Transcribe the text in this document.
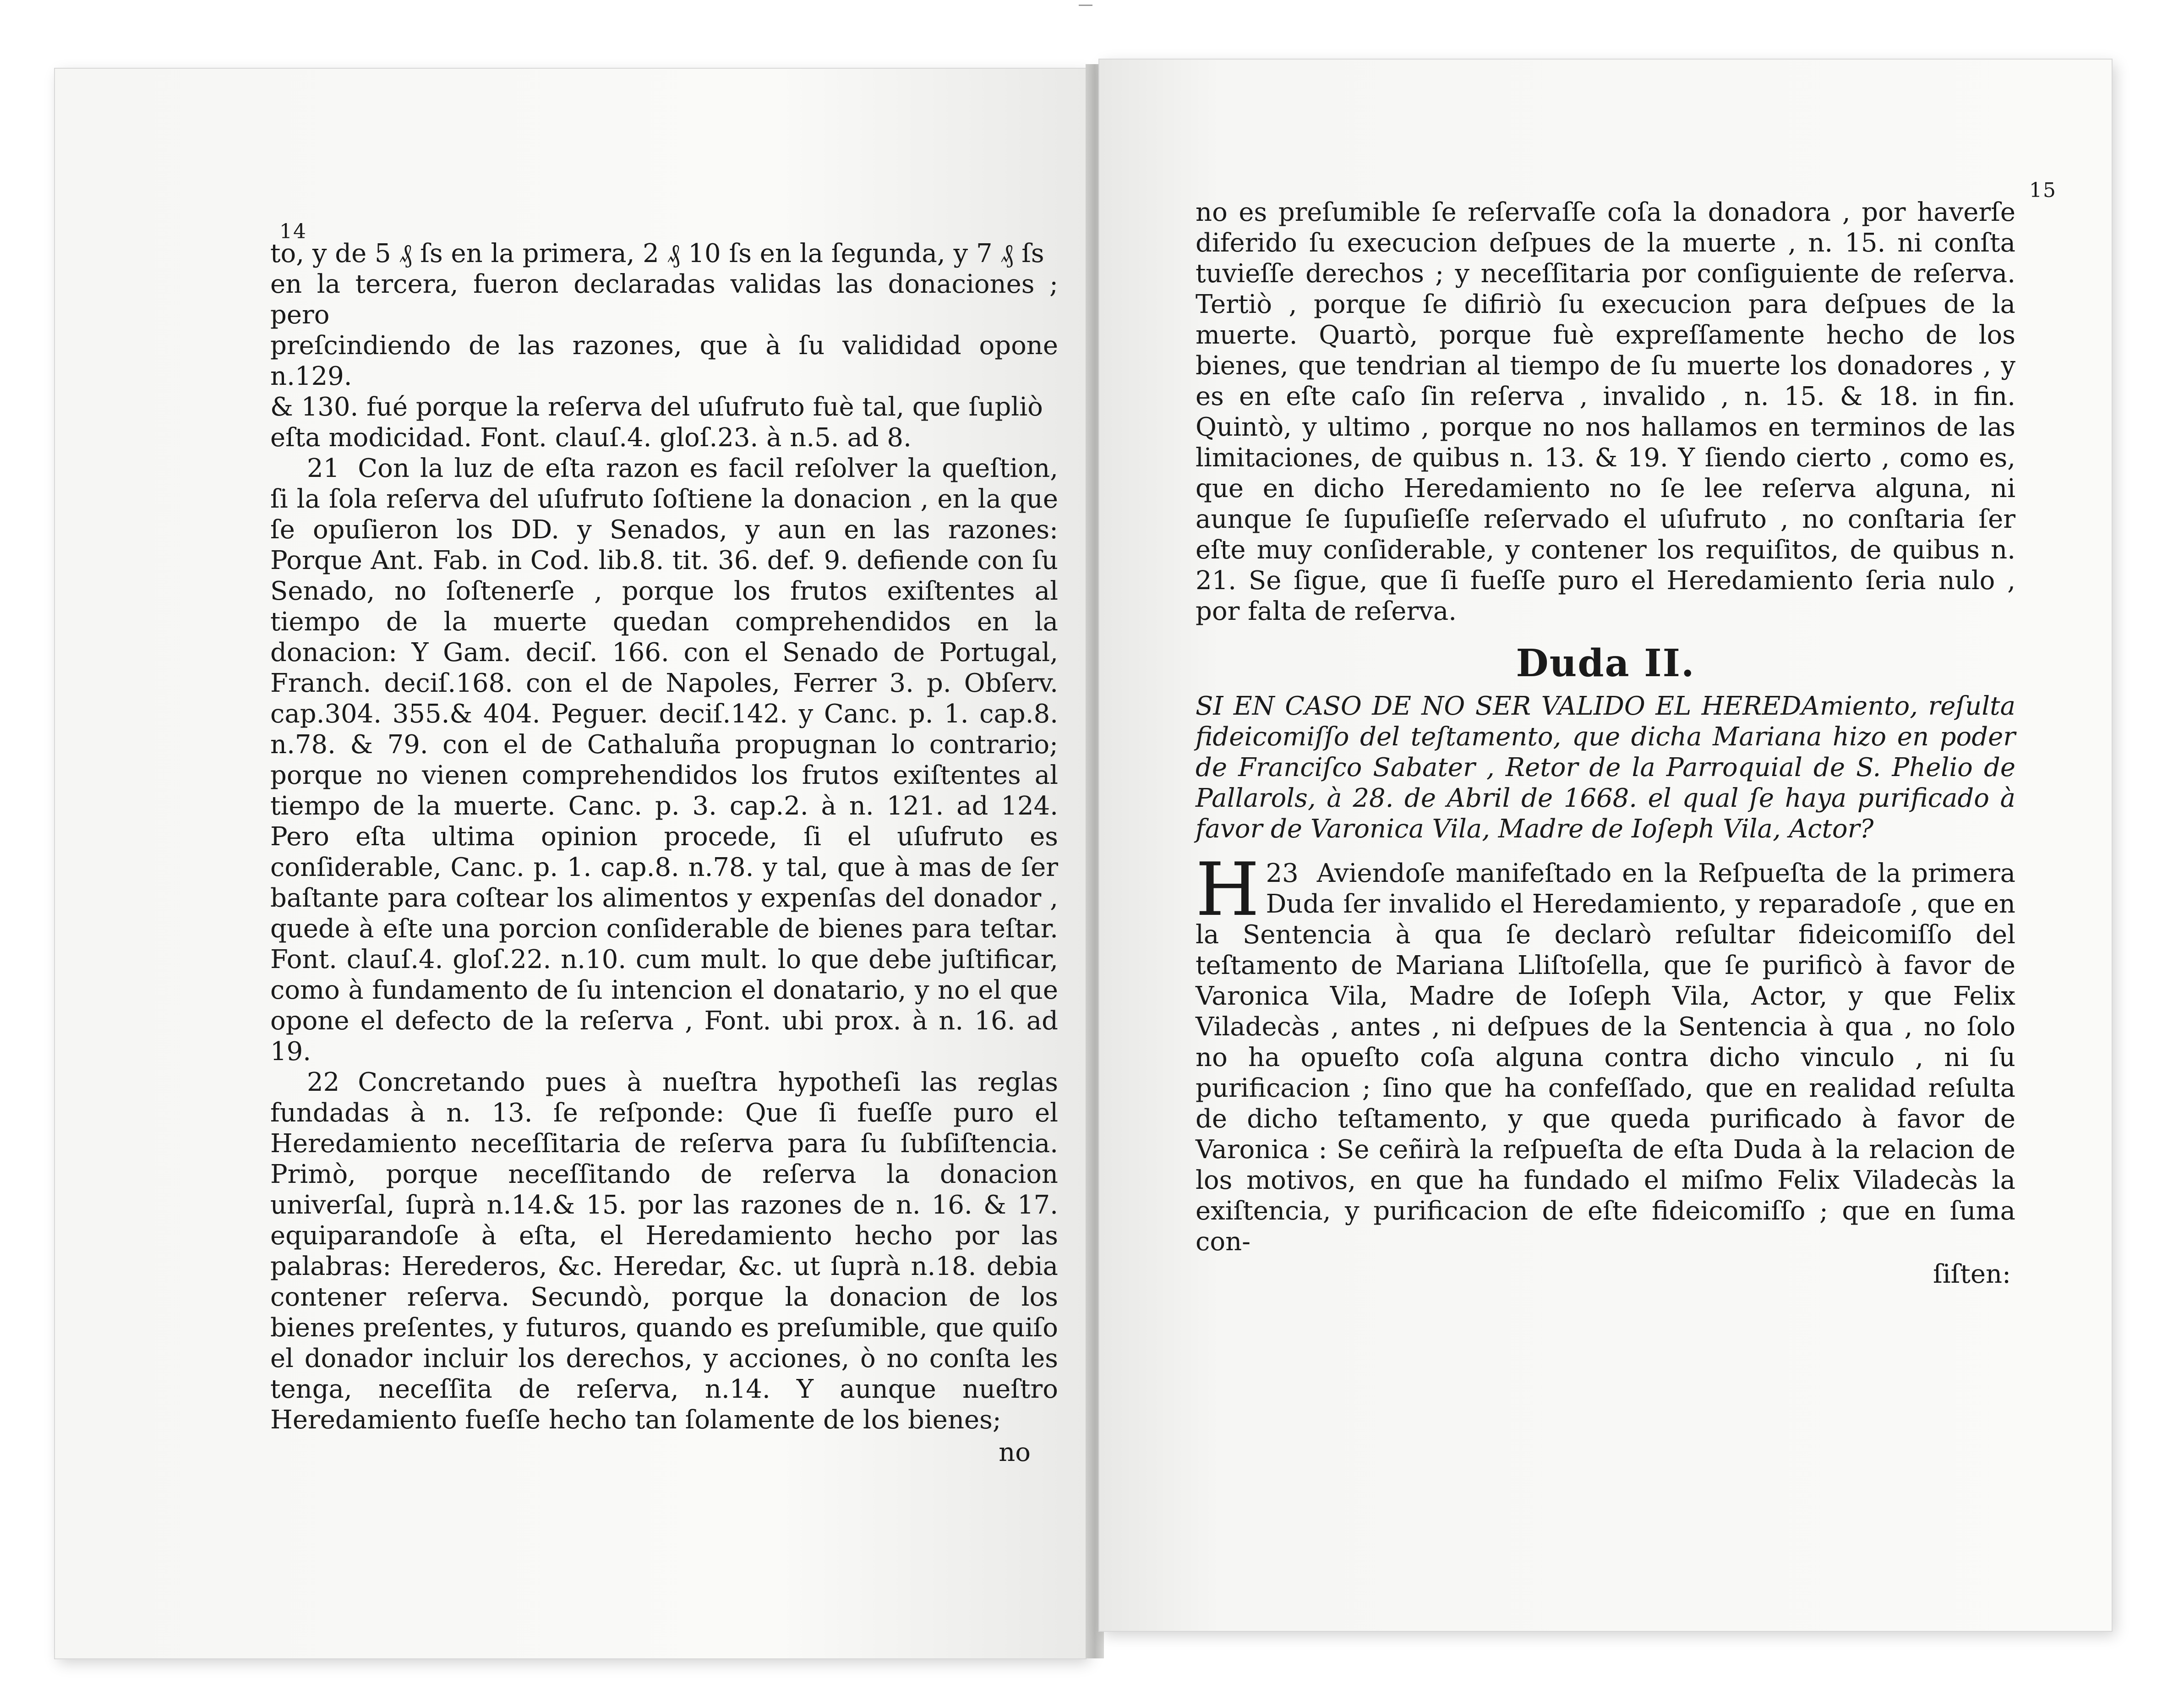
14

to, y de 5 ₰ ſs en la primera, 2 ₰ 10 ſs en la ſegunda, y 7 ₰ ſs

en la tercera, fueron declaradas validas las donaciones ; pero

preſcindiendo de las razones, que à ſu valididad opone n.129.

& 130. fué porque la reſerva del uſufruto fuè tal, que ſupliò

eſta modicidad. Font. clauſ.4. gloſ.23. à n.5. ad 8.

21 Con la luz de eſta razon es facil reſolver la queſtion, ſi la ſola reſerva del uſufruto ſoſtiene la donacion , en la que ſe opuſieron los DD. y Senados, y aun en las razones: Porque Ant. Fab. in Cod. lib.8. tit. 36. def. 9. defiende con ſu Senado, no ſoſtenerſe , porque los frutos exiſtentes al tiempo de la muerte quedan comprehendidos en la donacion: Y Gam. deciſ. 166. con el Senado de Portugal, Franch. deciſ.168. con el de Napoles, Ferrer 3. p. Obſerv. cap.304. 355.& 404. Peguer. deciſ.142. y Canc. p. 1. cap.8. n.78. & 79. con el de Cathaluña propugnan lo contrario; porque no vienen comprehendidos los frutos exiſtentes al tiempo de la muerte. Canc. p. 3. cap.2. à n. 121. ad 124. Pero eſta ultima opinion procede, ſi el uſufruto es conſiderable, Canc. p. 1. cap.8. n.78. y tal, que à mas de ſer baſtante para coſtear los alimentos y expenſas del donador , quede à eſte una porcion conſiderable de bienes para teſtar. Font. clauſ.4. gloſ.22. n.10. cum mult. lo que debe juſtificar, como à fundamento de ſu intencion el donatario, y no el que opone el defecto de la reſerva , Font. ubi prox. à n. 16. ad 19.

22 Concretando pues à nueſtra hypotheſi las reglas fundadas à n. 13. ſe reſponde: Que ſi fueſſe puro el Heredamiento neceſſitaria de reſerva para ſu ſubſiſtencia. Primò, porque neceſſitando de reſerva la donacion univerſal, ſuprà n.14.& 15. por las razones de n. 16. & 17. equiparandoſe à eſta, el Heredamiento hecho por las palabras: Herederos, &c. Heredar, &c. ut ſuprà n.18. debia contener reſerva. Secundò, porque la donacion de los bienes preſentes, y futuros, quando es preſumible, que quiſo el donador incluir los derechos, y acciones, ò no conſta les tenga, neceſſita de reſerva, n.14. Y aunque nueſtro Heredamiento fueſſe hecho tan ſolamente de los bienes;

no

15

no es preſumible ſe reſervaſſe coſa la donadora , por haverſe diferido ſu execucion deſpues de la muerte , n. 15. ni conſta tuvieſſe derechos ; y neceſſitaria por conſiguiente de reſerva. Tertiò , porque ſe difiriò ſu execucion para deſpues de la muerte. Quartò, porque fuè expreſſamente hecho de los bienes, que tendrian al tiempo de ſu muerte los donadores , y es en eſte caſo ſin reſerva , invalido , n. 15. & 18. in fin. Quintò, y ultimo , porque no nos hallamos en terminos de las limitaciones, de quibus n. 13. & 19. Y ſiendo cierto , como es, que en dicho Heredamiento no ſe lee reſerva alguna, ni aunque ſe ſupuſieſſe reſervado el uſufruto , no conſtaria ſer eſte muy conſiderable, y contener los requiſitos, de quibus n. 21. Se ſigue, que ſi fueſſe puro el Heredamiento ſeria nulo , por falta de reſerva.

Duda II.

SI EN CASO DE NO SER VALIDO EL HEREDAmiento, reſulta fideicomiſſo del teſtamento, que dicha Mariana hizo en poder de Franciſco Sabater , Retor de la Parroquial de S. Phelio de Pallarols, à 28. de Abril de 1668. el qual ſe haya purificado à favor de Varonica Vila, Madre de Ioſeph Vila, Actor?

23
H Aviendoſe manifeſtado en la Reſpueſta de la primera Duda ſer invalido el Heredamiento, y reparadoſe , que en la Sentencia à qua ſe declarò reſultar fideicomiſſo del teſtamento de Mariana Lliſtoſella, que ſe purificò à favor de Varonica Vila, Madre de Ioſeph Vila, Actor, y que Felix Viladecàs , antes , ni deſpues de la Sentencia à qua , no ſolo no ha opueſto coſa alguna contra dicho vinculo , ni ſu purificacion ; ſino que ha confeſſado, que en realidad reſulta de dicho teſtamento, y que queda purificado à favor de Varonica : Se ceñirà la reſpueſta de eſta Duda à la relacion de los motivos, en que ha fundado el miſmo Felix Viladecàs la exiſtencia, y purificacion de eſte fideicomiſſo ; que en ſuma con-

ſiſten:
